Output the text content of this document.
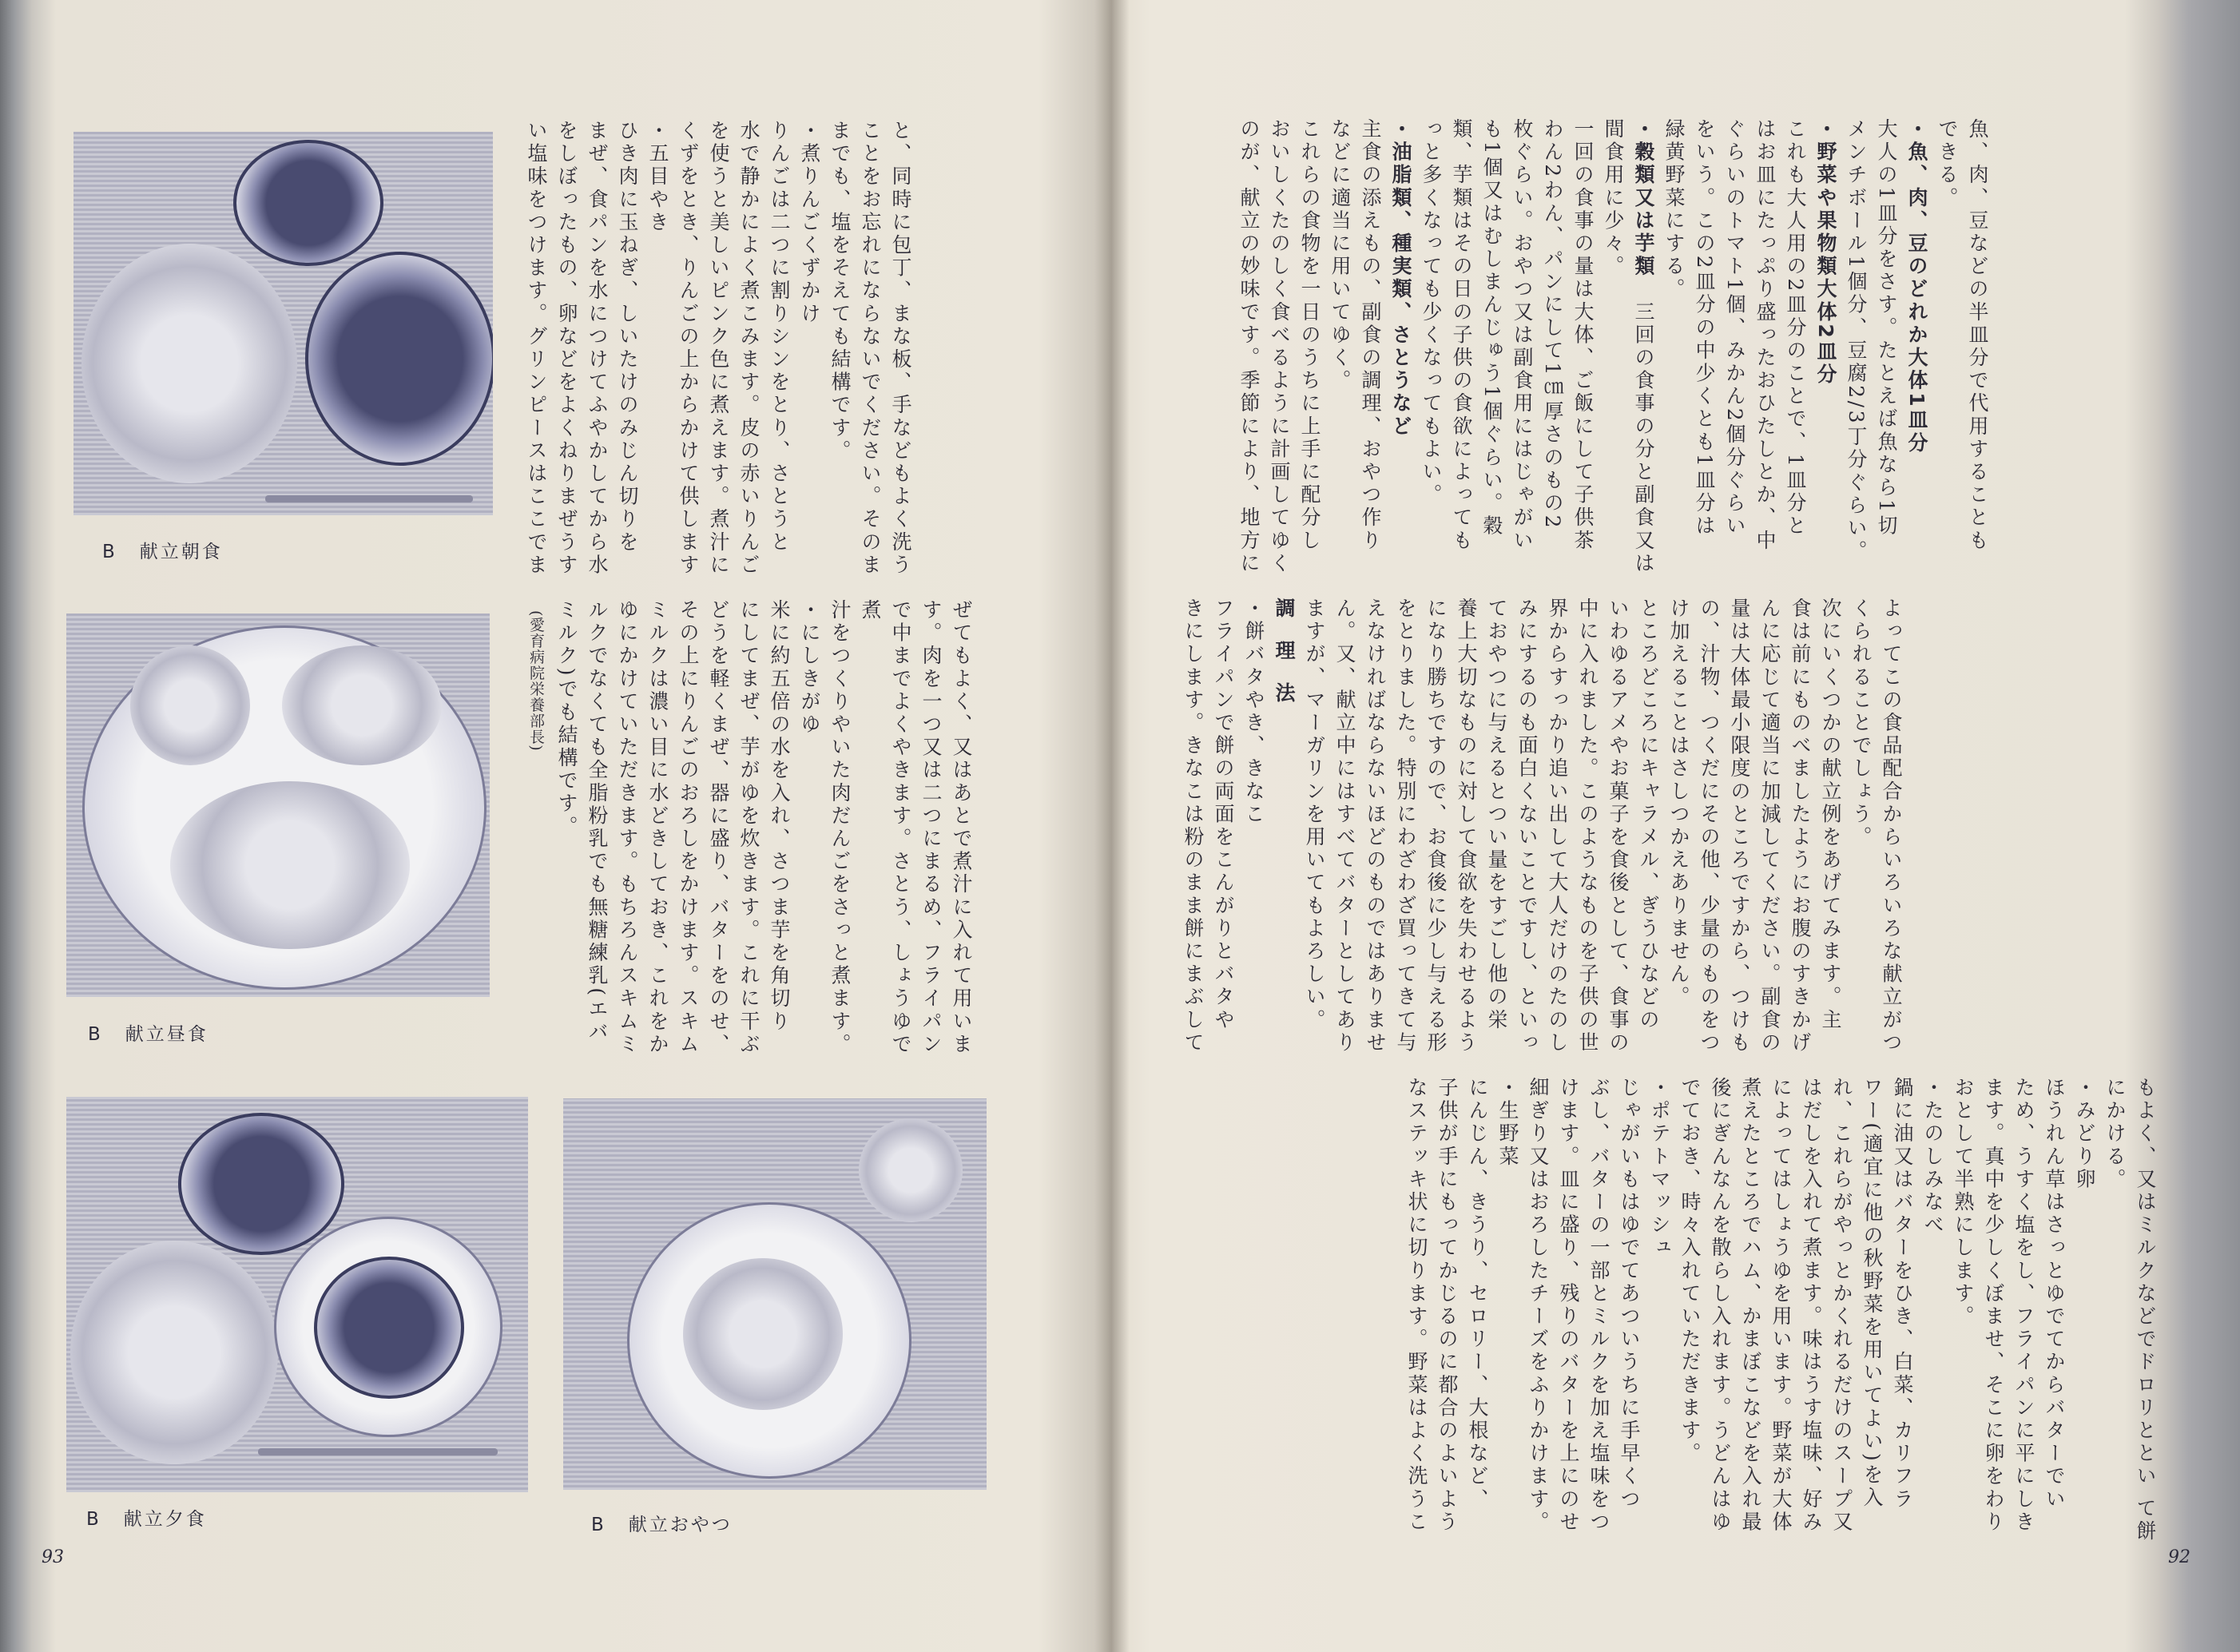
B 献立朝食
B 献立昼食
B 献立夕食	B 献立おやつ

と、同時に包丁、まな板、手などもよく洗う

ことをお忘れにならないでください。そのま

までも、塩をそえても結構です。

・煮りんごくずかけ

りんごは二つに割りシンをとり、さとうと

水で静かによく煮こみます。皮の赤いりんご

を使うと美しいピンク色に煮えます。煮汁に

くずをとき、りんごの上からかけて供します

・五目やき

ひき肉に玉ねぎ、しいたけのみじん切りを

まぜ、食パンを水につけてふやかしてから水

をしぼったもの、卵などをよくねりまぜうす

い塩味をつけます。グリンピースはここでま

ぜてもよく、又はあとで煮汁に入れて用いま

す。肉を一つ又は二つにまるめ、フライパン

で中までよくやきます。さとう、しょうゆで煮

汁をつくりやいた肉だんごをさっと煮ます。

・にしきがゆ

米に約五倍の水を入れ、さつま芋を角切り

にしてまぜ、芋がゆを炊きます。これに干ぶ

どうを軽くまぜ、器に盛り、バターをのせ、

その上にりんごのおろしをかけます。スキム

ミルクは濃い目に水どきしておき、これをか

ゆにかけていただきます。もちろんスキムミ

ルクでなくても全脂粉乳でも無糖練乳(エバ

ミルク)でも結構です。
(愛育病院栄養部長)

93

魚、肉、豆などの半皿分で代用することも

できる。

・魚、肉、豆のどれか大体1皿分

大人の1皿分をさす。たとえば魚なら1切

メンチボール1個分、豆腐2/3丁分ぐらい。

・野菜や果物類大体2皿分

これも大人用の2皿分のことで、1皿分と

はお皿にたっぷり盛ったおひたしとか、中

ぐらいのトマト1個、みかん2個分ぐらい

をいう。この2皿分の中少くとも1皿分は

緑黄野菜にする。

・穀類又は芋類　三回の食事の分と副食又は

間食用に少々。

一回の食事の量は大体、ご飯にして子供茶

わん2わん、パンにして1㎝厚さのもの2

枚ぐらい。おやつ又は副食用にはじゃがい

も1個又はむしまんじゅう1個ぐらい。穀

類、芋類はその日の子供の食欲によっても

っと多くなっても少くなってもよい。

・油脂類、種実類、さとうなど

主食の添えもの、副食の調理、おやつ作り

などに適当に用いてゆく。

これらの食物を一日のうちに上手に配分し

おいしくたのしく食べるように計画してゆく

のが、献立の妙味です。季節により、地方に

よってこの食品配合からいろいろな献立がつ

くられることでしょう。

次にいくつかの献立例をあげてみます。主

食は前にものべましたようにお腹のすきかげ

んに応じて適当に加減してください。副食の

量は大体最小限度のところですから、つけも

の、汁物、つくだにその他、少量のものをつ

け加えることはさしつかえありません。

ところどころにキャラメル、ぎうひなどの

いわゆるアメやお菓子を食後として、食事の

中に入れました。このようなものを子供の世

界からすっかり追い出して大人だけのたのし

みにするのも面白くないことですし、といっ

ておやつに与えるとつい量をすごし他の栄

養上大切なものに対して食欲を失わせるよう

になり勝ちですので、お食後に少し与える形

をとりました。特別にわざわざ買ってきて与

えなければならないほどのものではありませ

ん。又、献立中にはすべてバターとしてあり

ますが、マーガリンを用いてもよろしい。

調理法

・餅バタやき、きなこ

フライパンで餅の両面をこんがりとバタや

きにします。きなこは粉のまま餅にまぶして

もよく、又はミルクなどでドロリととい て餅

にかける。

・みどり卵

ほうれん草はさっとゆでてからバターでい

ため、うすく塩をし、フライパンに平にしき

ます。真中を少しくぼませ、そこに卵をわり

おとして半熟にします。

・たのしみなべ

鍋に油又はバターをひき、白菜、カリフラ

ワー(適宜に他の秋野菜を用いてよい)を入

れ、これらがやっとかくれるだけのスープ又

はだしを入れて煮ます。味はうす塩味、好み

によってはしょうゆを用います。野菜が大体

煮えたところでハム、かまぼこなどを入れ最

後にぎんなんを散らし入れます。うどんはゆ

でておき、時々入れていただきます。

・ポテトマッシュ

じゃがいもはゆでてあついうちに手早くつ

ぶし、バターの一部とミルクを加え塩味をつ

けます。皿に盛り、残りのバターを上にのせ

細ぎり又はおろしたチーズをふりかけます。

・生野菜

にんじん、きうり、セロリー、大根など、

子供が手にもってかじるのに都合のよいよう

なステッキ状に切ります。野菜はよく洗うこ

92
